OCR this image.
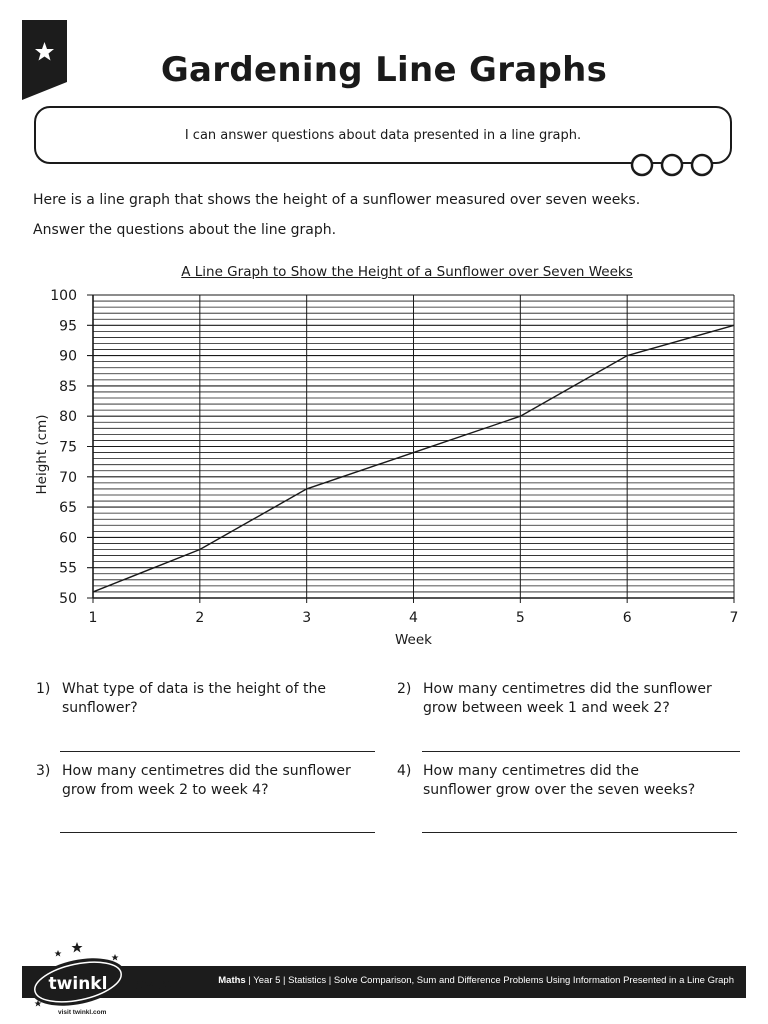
Gardening Line Graphs
I can answer questions about data presented in a line graph.
Here is a line graph that shows the height of a sunflower measured over seven weeks.
Answer the questions about the line graph.
A Line Graph to Show the Height of a Sunflower over Seven Weeks
50
55
60
65
70
75
80
85
90
95
100
1	2	3	4	5	6	7
Week
Height (cm)
1) What type of data is the height of the
sunflower?
2) How many centimetres did the sunflower
grow between week 1 and week 2?
3) How many centimetres did the sunflower
grow from week 2 to week 4?
4) How many centimetres did the
sunflower grow over the seven weeks?
Maths | Year 5 | Statistics | Solve Comparison, Sum and Difference Problems Using Information Presented in a Line Graph
twinkl planit
visit twinkl.com
